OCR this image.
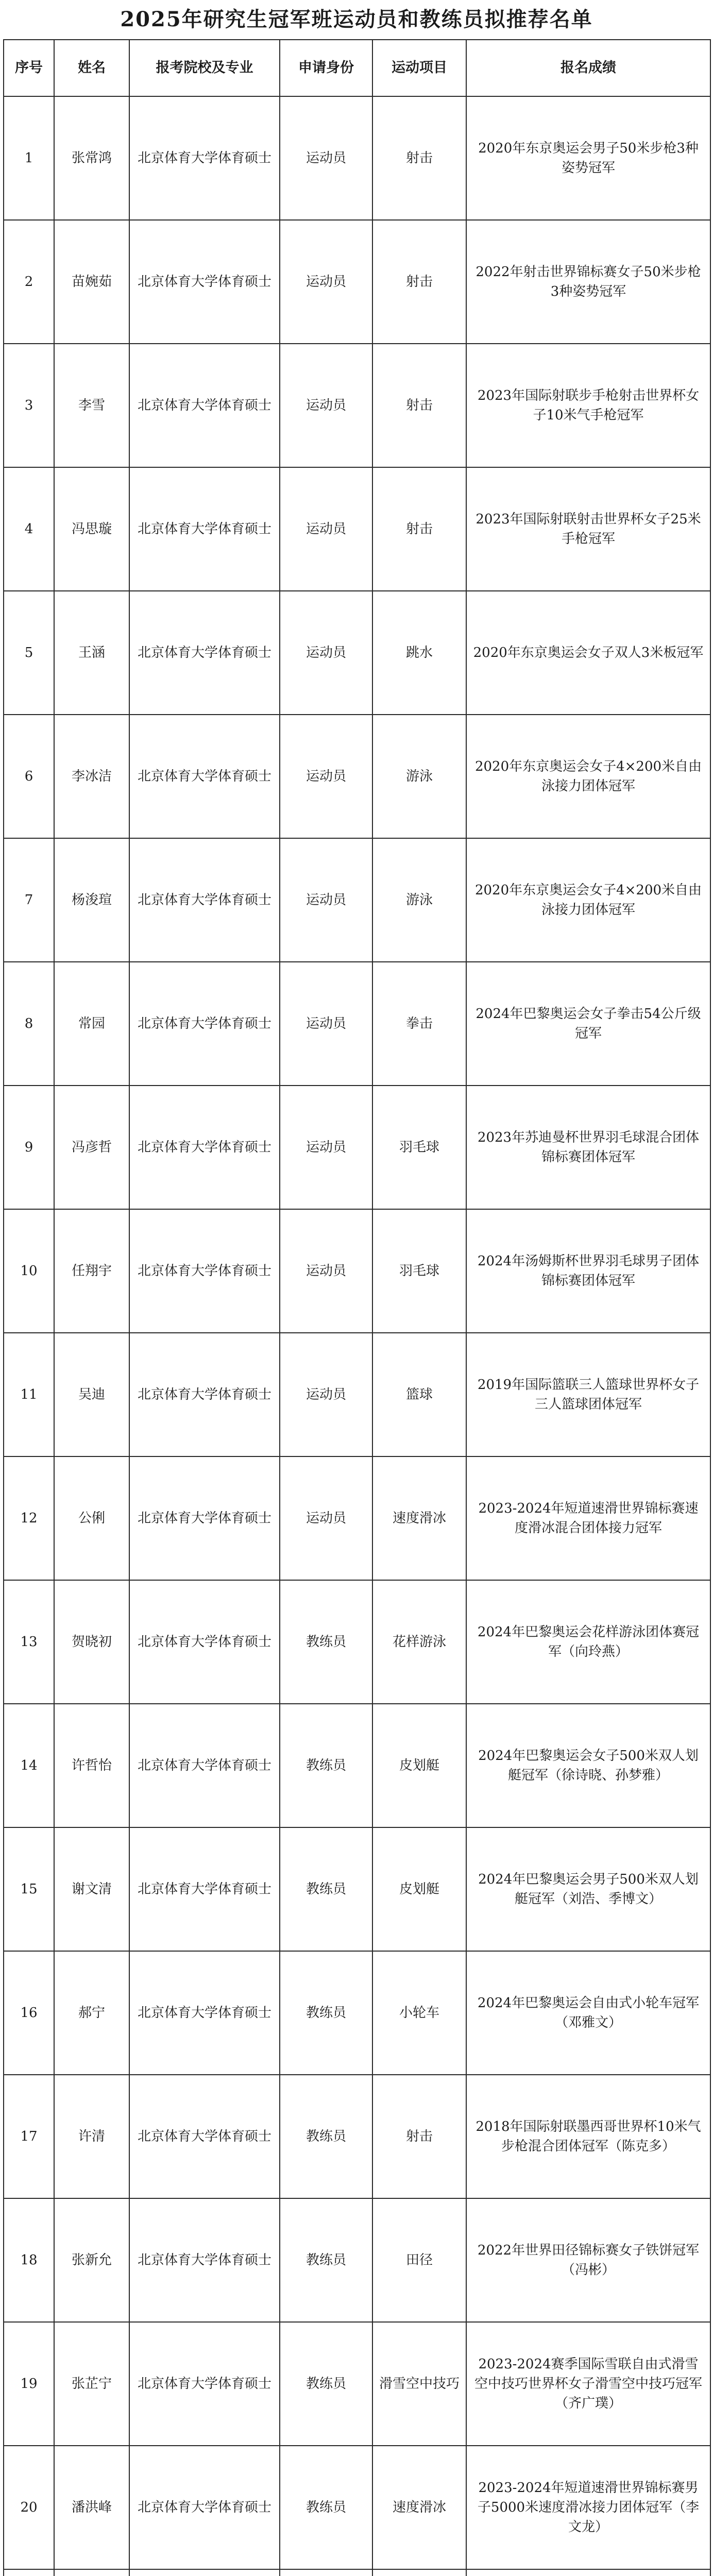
2025年研究生冠军班运动员和教练员拟推荐名单
序号	姓名	报考院校及专业	申请身份	运动项目	报名成绩
1	张常鸿	北京体育大学体育硕士	运动员	射击	2020年东京奥运会男子50米步枪3种姿势冠军
2	苗婉茹	北京体育大学体育硕士	运动员	射击	2022年射击世界锦标赛女子50米步枪3种姿势冠军
3	李雪	北京体育大学体育硕士	运动员	射击	2023年国际射联步手枪射击世界杯女子10米气手枪冠军
4	冯思璇	北京体育大学体育硕士	运动员	射击	2023年国际射联射击世界杯女子25米手枪冠军
5	王涵	北京体育大学体育硕士	运动员	跳水	2020年东京奥运会女子双人3米板冠军
6	李冰洁	北京体育大学体育硕士	运动员	游泳	2020年东京奥运会女子4×200米自由泳接力团体冠军
7	杨浚瑄	北京体育大学体育硕士	运动员	游泳	2020年东京奥运会女子4×200米自由泳接力团体冠军
8	常园	北京体育大学体育硕士	运动员	拳击	2024年巴黎奥运会女子拳击54公斤级冠军
9	冯彦哲	北京体育大学体育硕士	运动员	羽毛球	2023年苏迪曼杯世界羽毛球混合团体锦标赛团体冠军
10	任翔宇	北京体育大学体育硕士	运动员	羽毛球	2024年汤姆斯杯世界羽毛球男子团体锦标赛团体冠军
11	吴迪	北京体育大学体育硕士	运动员	篮球	2019年国际篮联三人篮球世界杯女子三人篮球团体冠军
12	公俐	北京体育大学体育硕士	运动员	速度滑冰	2023-2024年短道速滑世界锦标赛速度滑冰混合团体接力冠军
13	贺晓初	北京体育大学体育硕士	教练员	花样游泳	2024年巴黎奥运会花样游泳团体赛冠军（向玲燕）
14	许哲怡	北京体育大学体育硕士	教练员	皮划艇	2024年巴黎奥运会女子500米双人划艇冠军（徐诗晓、孙梦雅）
15	谢文清	北京体育大学体育硕士	教练员	皮划艇	2024年巴黎奥运会男子500米双人划艇冠军（刘浩、季博文）
16	郝宁	北京体育大学体育硕士	教练员	小轮车	2024年巴黎奥运会自由式小轮车冠军（邓雅文）
17	许清	北京体育大学体育硕士	教练员	射击	2018年国际射联墨西哥世界杯10米气步枪混合团体冠军（陈克多）
18	张新允	北京体育大学体育硕士	教练员	田径	2022年世界田径锦标赛女子铁饼冠军（冯彬）
19	张芷宁	北京体育大学体育硕士	教练员	滑雪空中技巧	2023-2024赛季国际雪联自由式滑雪空中技巧世界杯女子滑雪空中技巧冠军（齐广璞）
20	潘洪峰	北京体育大学体育硕士	教练员	速度滑冰	2023-2024年短道速滑世界锦标赛男子5000米速度滑冰接力团体冠军（李文龙）
